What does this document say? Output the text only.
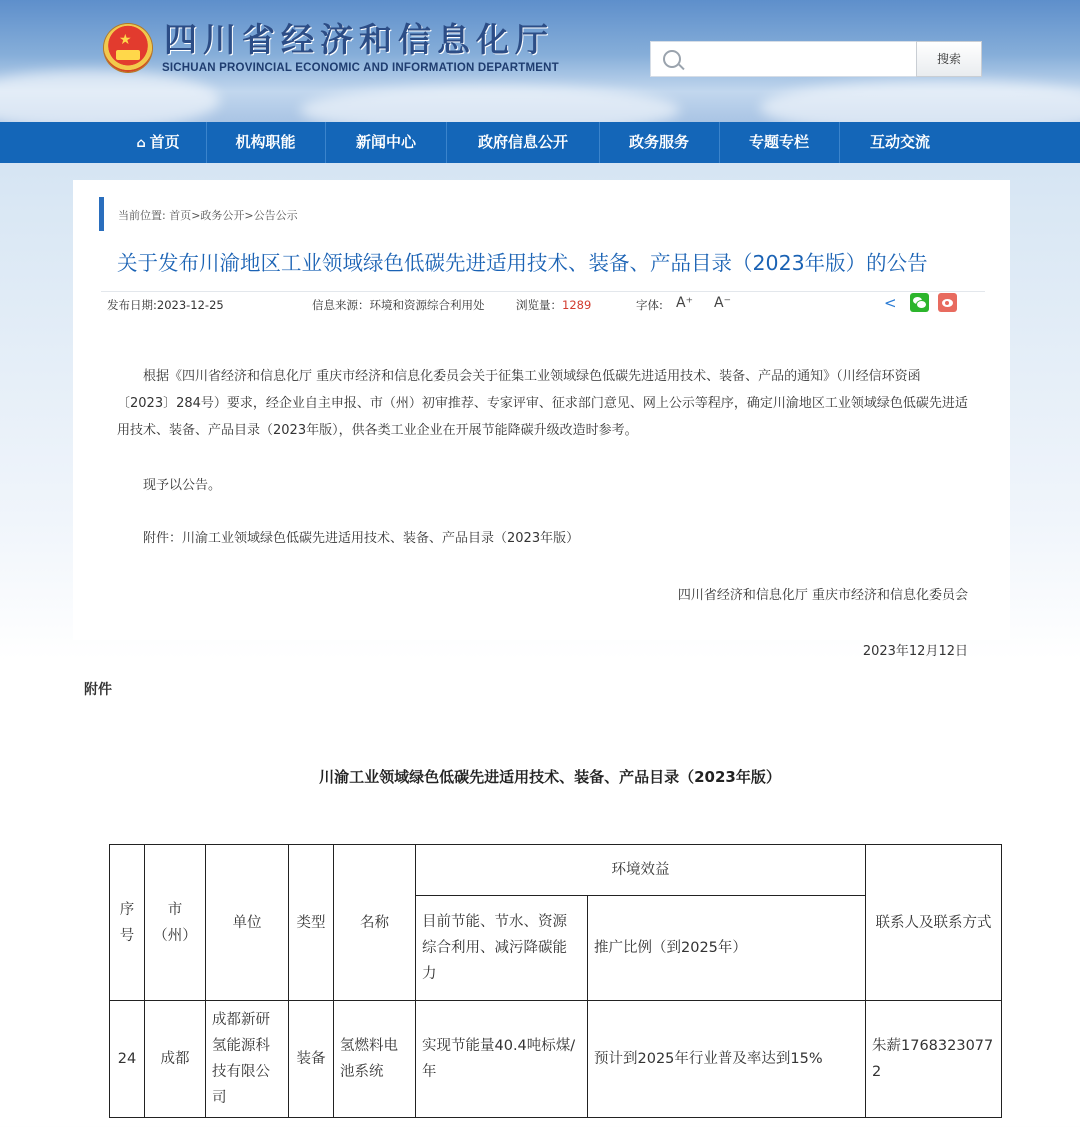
★ 四川省经济和信息化厅
SICHUAN PROVINCIAL ECONOMIC AND INFORMATION DEPARTMENT
搜索
⌂ 首页	机构职能	新闻中心	政府信息公开	政务服务	专题专栏	互动交流
当前位置: 首页>政务公开>公告公示
关于发布川渝地区工业领域绿色低碳先进适用技术、装备、产品目录（2023年版）的公告
发布日期:2023-12-25	信息来源：环境和资源综合利用处	浏览量：1289	字体: A⁺ A⁻	<
根据《四川省经济和信息化厅 重庆市经济和信息化委员会关于征集工业领域绿色低碳先进适用技术、装备、产品的通知》（川经信环资函〔2023〕284号）要求，经企业自主申报、市（州）初审推荐、专家评审、征求部门意见、网上公示等程序，确定川渝地区工业领域绿色低碳先进适用技术、装备、产品目录（2023年版），供各类工业企业在开展节能降碳升级改造时参考。
现予以公告。
附件：川渝工业领域绿色低碳先进适用技术、装备、产品目录（2023年版）
四川省经济和信息化厅 重庆市经济和信息化委员会
2023年12月12日
附件
川渝工业领域绿色低碳先进适用技术、装备、产品目录（2023年版）
序号	市（州）	单位	类型	名称	环境效益		联系人及联系方式
					目前节能、节水、资源综合利用、减污降碳能力	推广比例（到2025年）	
24	成都	成都新研氢能源科技有限公司	装备	氢燃料电池系统	实现节能量40.4吨标煤/年	预计到2025年行业普及率达到15%	朱薪17683230772
